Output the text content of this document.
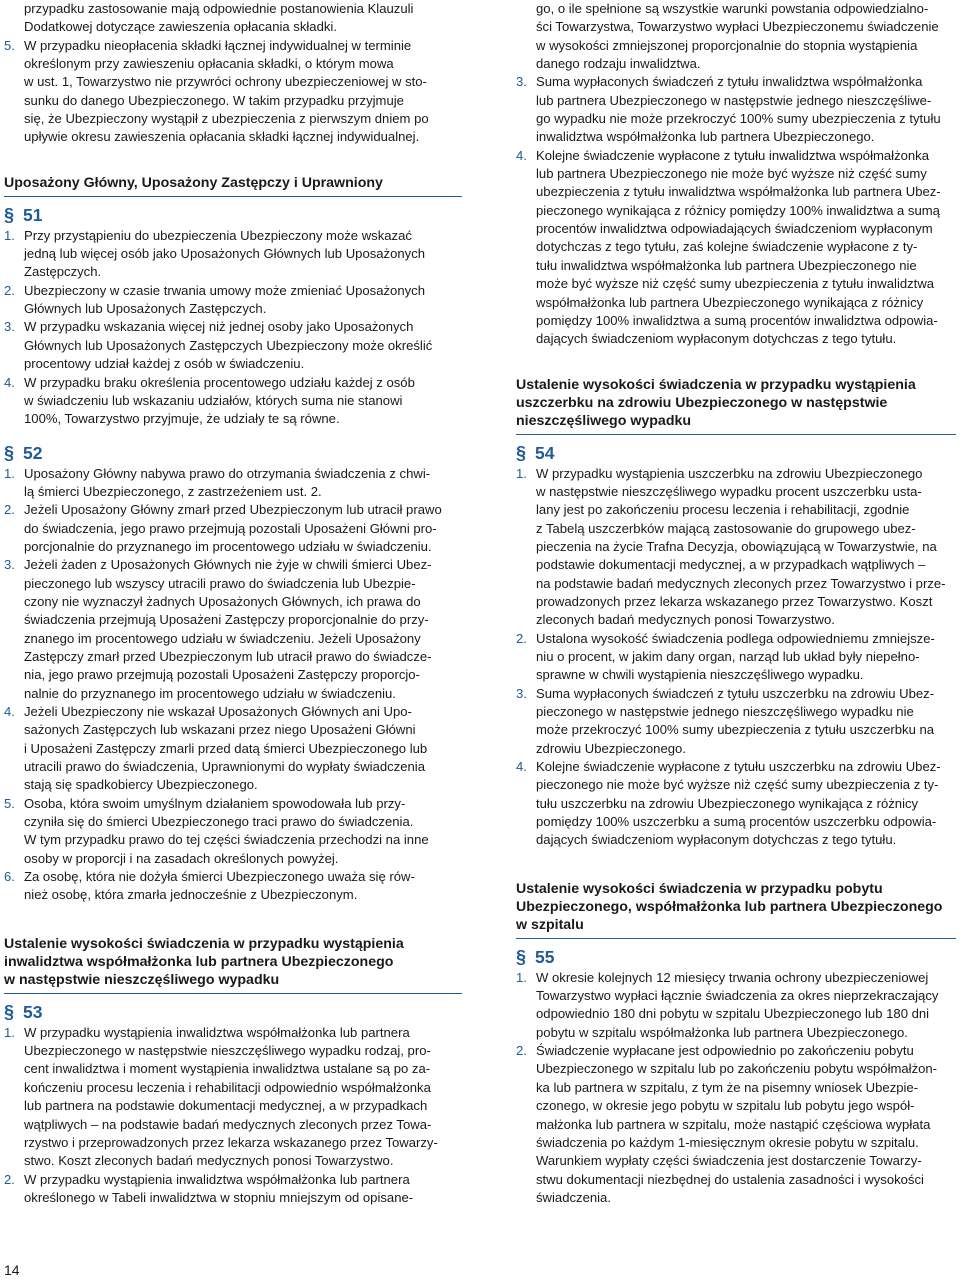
przypadku zastosowanie mają odpowiednie postanowienia Klauzuli
Dodatkowej dotyczące zawieszenia opłacania składki.

5. W przypadku nieopłacenia składki łącznej indywidualnej w terminie
określonym przy zawieszeniu opłacania składki, o którym mowa
w ust. 1, Towarzystwo nie przywróci ochrony ubezpieczeniowej w sto-
sunku do danego Ubezpieczonego. W takim przypadku przyjmuje
się, że Ubezpieczony wystąpił z ubezpieczenia z pierwszym dniem po
upływie okresu zawieszenia opłacania składki łącznej indywidualnej.

Uposażony Główny, Uposażony Zastępczy i Uprawniony

§ 51
1. Przy przystąpieniu do ubezpieczenia Ubezpieczony może wskazać
jedną lub więcej osób jako Uposażonych Głównych lub Uposażonych
Zastępczych.

2. Ubezpieczony w czasie trwania umowy może zmieniać Uposażonych
Głównych lub Uposażonych Zastępczych.

3. W przypadku wskazania więcej niż jednej osoby jako Uposażonych
Głównych lub Uposażonych Zastępczych Ubezpieczony może określić
procentowy udział każdej z osób w świadczeniu.

4. W przypadku braku określenia procentowego udziału każdej z osób
w świadczeniu lub wskazaniu udziałów, których suma nie stanowi
100%, Towarzystwo przyjmuje, że udziały te są równe.

§ 52
1. Uposażony Główny nabywa prawo do otrzymania świadczenia z chwi-
lą śmierci Ubezpieczonego, z zastrzeżeniem ust. 2.

2. Jeżeli Uposażony Główny zmarł przed Ubezpieczonym lub utracił prawo
do świadczenia, jego prawo przejmują pozostali Uposażeni Główni pro-
porcjonalnie do przyznanego im procentowego udziału w świadczeniu.

3. Jeżeli żaden z Uposażonych Głównych nie żyje w chwili śmierci Ubez-
pieczonego lub wszyscy utracili prawo do świadczenia lub Ubezpie-
czony nie wyznaczył żadnych Uposażonych Głównych, ich prawa do
świadczenia przejmują Uposażeni Zastępczy proporcjonalnie do przy-
znanego im procentowego udziału w świadczeniu. Jeżeli Uposażony
Zastępczy zmarł przed Ubezpieczonym lub utracił prawo do świadcze-
nia, jego prawo przejmują pozostali Uposażeni Zastępczy proporcjo-
nalnie do przyznanego im procentowego udziału w świadczeniu.

4. Jeżeli Ubezpieczony nie wskazał Uposażonych Głównych ani Upo-
sażonych Zastępczych lub wskazani przez niego Uposażeni Główni
i Uposażeni Zastępczy zmarli przed datą śmierci Ubezpieczonego lub
utracili prawo do świadczenia, Uprawnionymi do wypłaty świadczenia
stają się spadkobiercy Ubezpieczonego.

5. Osoba, która swoim umyślnym działaniem spowodowała lub przy-
czyniła się do śmierci Ubezpieczonego traci prawo do świadczenia.
W tym przypadku prawo do tej części świadczenia przechodzi na inne
osoby w proporcji i na zasadach określonych powyżej.

6. Za osobę, która nie dożyła śmierci Ubezpieczonego uważa się rów-
nież osobę, która zmarła jednocześnie z Ubezpieczonym.

Ustalenie wysokości świadczenia w przypadku wystąpienia
inwalidztwa współmałżonka lub partnera Ubezpieczonego
w następstwie nieszczęśliwego wypadku

§ 53
1. W przypadku wystąpienia inwalidztwa współmałżonka lub partnera
Ubezpieczonego w następstwie nieszczęśliwego wypadku rodzaj, pro-
cent inwalidztwa i moment wystąpienia inwalidztwa ustalane są po za-
kończeniu procesu leczenia i rehabilitacji odpowiednio współmałżonka
lub partnera na podstawie dokumentacji medycznej, a w przypadkach
wątpliwych – na podstawie badań medycznych zleconych przez Towa-
rzystwo i przeprowadzonych przez lekarza wskazanego przez Towarzy-
stwo. Koszt zleconych badań medycznych ponosi Towarzystwo.

2. W przypadku wystąpienia inwalidztwa współmałżonka lub partnera
określonego w Tabeli inwalidztwa w stopniu mniejszym od opisane-

go, o ile spełnione są wszystkie warunki powstania odpowiedzialno-
ści Towarzystwa, Towarzystwo wypłaci Ubezpieczonemu świadczenie
w wysokości zmniejszonej proporcjonalnie do stopnia wystąpienia
danego rodzaju inwalidztwa.

3. Suma wypłaconych świadczeń z tytułu inwalidztwa współmałżonka
lub partnera Ubezpieczonego w następstwie jednego nieszczęśliwe-
go wypadku nie może przekroczyć 100% sumy ubezpieczenia z tytułu
inwalidztwa współmałżonka lub partnera Ubezpieczonego.

4. Kolejne świadczenie wypłacone z tytułu inwalidztwa współmałżonka
lub partnera Ubezpieczonego nie może być wyższe niż część sumy
ubezpieczenia z tytułu inwalidztwa współmałżonka lub partnera Ubez-
pieczonego wynikająca z różnicy pomiędzy 100% inwalidztwa a sumą
procentów inwalidztwa odpowiadających świadczeniom wypłaconym
dotychczas z tego tytułu, zaś kolejne świadczenie wypłacone z ty-
tułu inwalidztwa współmałżonka lub partnera Ubezpieczonego nie
może być wyższe niż część sumy ubezpieczenia z tytułu inwalidztwa
współmałżonka lub partnera Ubezpieczonego wynikająca z różnicy
pomiędzy 100% inwalidztwa a sumą procentów inwalidztwa odpowia-
dających świadczeniom wypłaconym dotychczas z tego tytułu.

Ustalenie wysokości świadczenia w przypadku wystąpienia
uszczerbku na zdrowiu Ubezpieczonego w następstwie
nieszczęśliwego wypadku

§ 54
1. W przypadku wystąpienia uszczerbku na zdrowiu Ubezpieczonego
w następstwie nieszczęśliwego wypadku procent uszczerbku usta-
lany jest po zakończeniu procesu leczenia i rehabilitacji, zgodnie
z Tabelą uszczerbków mającą zastosowanie do grupowego ubez-
pieczenia na życie Trafna Decyzja, obowiązującą w Towarzystwie, na
podstawie dokumentacji medycznej, a w przypadkach wątpliwych –
na podstawie badań medycznych zleconych przez Towarzystwo i prze-
prowadzonych przez lekarza wskazanego przez Towarzystwo. Koszt
zleconych badań medycznych ponosi Towarzystwo.

2. Ustalona wysokość świadczenia podlega odpowiedniemu zmniejsze-
niu o procent, w jakim dany organ, narząd lub układ były niepełno-
sprawne w chwili wystąpienia nieszczęśliwego wypadku.

3. Suma wypłaconych świadczeń z tytułu uszczerbku na zdrowiu Ubez-
pieczonego w następstwie jednego nieszczęśliwego wypadku nie
może przekroczyć 100% sumy ubezpieczenia z tytułu uszczerbku na
zdrowiu Ubezpieczonego.

4. Kolejne świadczenie wypłacone z tytułu uszczerbku na zdrowiu Ubez-
pieczonego nie może być wyższe niż część sumy ubezpieczenia z ty-
tułu uszczerbku na zdrowiu Ubezpieczonego wynikająca z różnicy
pomiędzy 100% uszczerbku a sumą procentów uszczerbku odpowia-
dających świadczeniom wypłaconym dotychczas z tego tytułu.

Ustalenie wysokości świadczenia w przypadku pobytu
Ubezpieczonego, współmałżonka lub partnera Ubezpieczonego
w szpitalu

§ 55
1. W okresie kolejnych 12 miesięcy trwania ochrony ubezpieczeniowej
Towarzystwo wypłaci łącznie świadczenia za okres nieprzekraczający
odpowiednio 180 dni pobytu w szpitalu Ubezpieczonego lub 180 dni
pobytu w szpitalu współmałżonka lub partnera Ubezpieczonego.

2. Świadczenie wypłacane jest odpowiednio po zakończeniu pobytu
Ubezpieczonego w szpitalu lub po zakończeniu pobytu współmałżon-
ka lub partnera w szpitalu, z tym że na pisemny wniosek Ubezpie-
czonego, w okresie jego pobytu w szpitalu lub pobytu jego współ-
małżonka lub partnera w szpitalu, może nastąpić częściowa wypłata
świadczenia po każdym 1-miesięcznym okresie pobytu w szpitalu.
Warunkiem wypłaty części świadczenia jest dostarczenie Towarzy-
stwu dokumentacji niezbędnej do ustalenia zasadności i wysokości
świadczenia.

14
